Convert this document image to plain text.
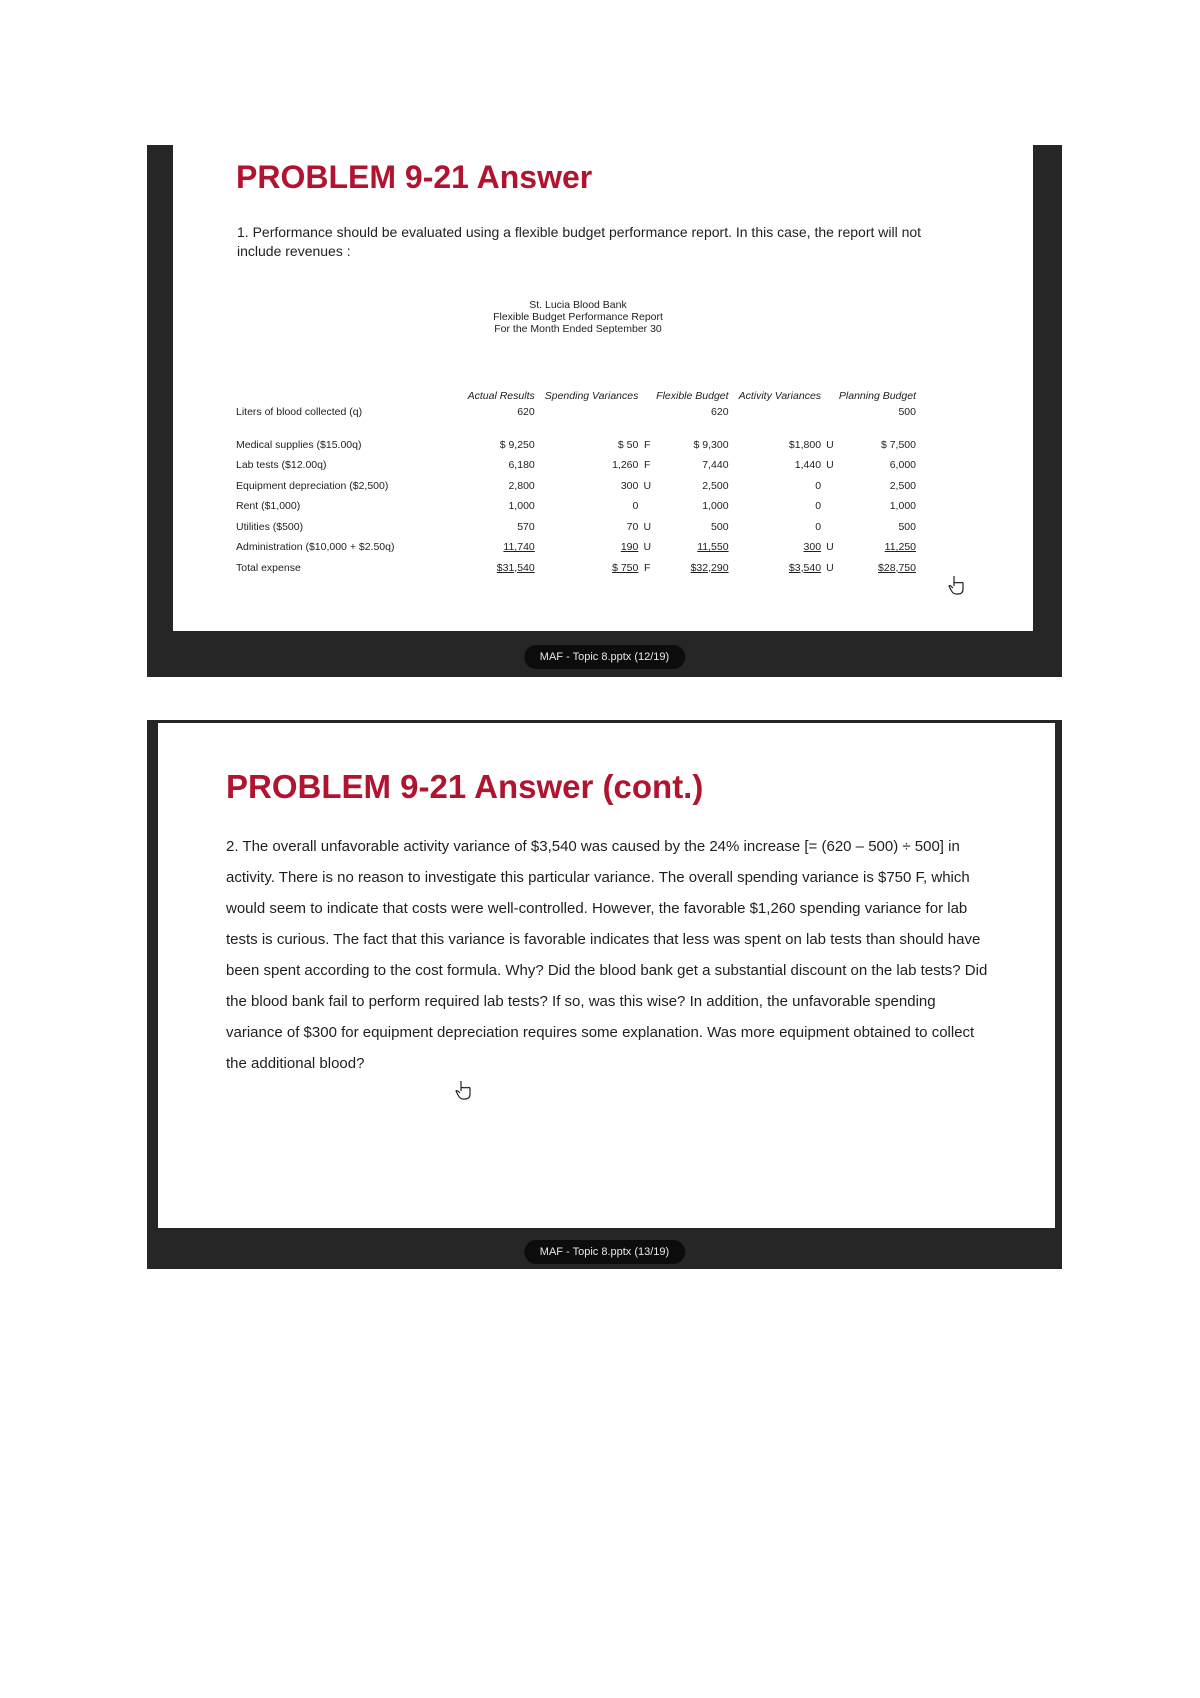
PROBLEM 9-21 Answer

1. Performance should be evaluated using a flexible budget performance report. In this case, the report will not include revenues :

St. Lucia Blood Bank
Flexible Budget Performance Report
For the Month Ended September 30
	Actual Results		Spending Variances		Flexible Budget		Activity Variances		Planning Budget
Liters of blood collected (q)	620				620				500

Medical supplies ($15.00q)	$ 9,250		$ 50	F	$ 9,300		$1,800	U	$ 7,500
Lab tests ($12.00q)	6,180		1,260	F	7,440		1,440	U	6,000
Equipment depreciation ($2,500)	2,800		300	U	2,500		0		2,500
Rent ($1,000)	1,000		0		1,000		0		1,000
Utilities ($500)	570		70	U	500		0		500
Administration ($10,000 + $2.50q)	11,740		190	U	11,550		300	U	11,250
Total expense	$31,540		$ 750	F	$32,290		$3,540	U	$28,750
MAF - Topic 8.pptx (12/19)
PROBLEM 9-21 Answer (cont.)

2. The overall unfavorable activity variance of $3,540 was caused by the 24% increase [= (620 – 500) ÷ 500] in activity. There is no reason to investigate this particular variance. The overall spending variance is $750 F, which would seem to indicate that costs were well-controlled. However, the favorable $1,260 spending variance for lab tests is curious. The fact that this variance is favorable indicates that less was spent on lab tests than should have been spent according to the cost formula. Why? Did the blood bank get a substantial discount on the lab tests? Did the blood bank fail to perform required lab tests? If so, was this wise? In addition, the unfavorable spending variance of $300 for equipment depreciation requires some explanation. Was more equipment obtained to collect the additional blood?

MAF - Topic 8.pptx (13/19)
